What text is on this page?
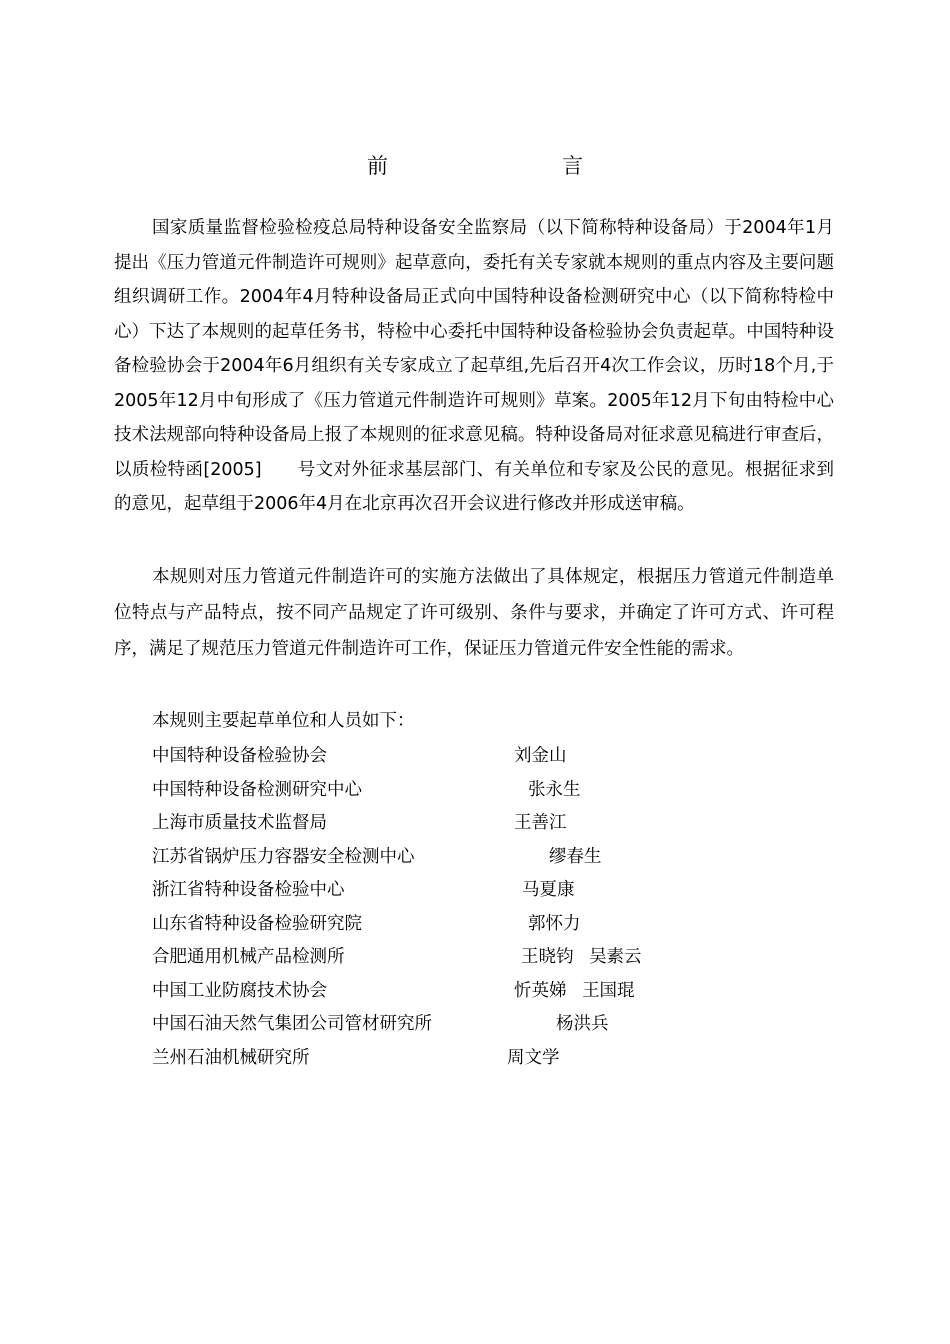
前　　言

国家质量监督检验检疫总局特种设备安全监察局（以下简称特种设备局）于2004年1月提出《压力管道元件制造许可规则》起草意向，委托有关专家就本规则的重点内容及主要问题组织调研工作。2004年4月特种设备局正式向中国特种设备检测研究中心（以下简称特检中心）下达了本规则的起草任务书，特检中心委托中国特种设备检验协会负责起草。中国特种设备检验协会于2004年6月组织有关专家成立了起草组,先后召开4次工作会议，历时18个月,于2005年12月中旬形成了《压力管道元件制造许可规则》草案。2005年12月下旬由特检中心技术法规部向特种设备局上报了本规则的征求意见稿。特种设备局对征求意见稿进行审查后，以质检特函[2005]　　号文对外征求基层部门、有关单位和专家及公民的意见。根据征求到的意见，起草组于2006年4月在北京再次召开会议进行修改并形成送审稿。

本规则对压力管道元件制造许可的实施方法做出了具体规定，根据压力管道元件制造单位特点与产品特点，按不同产品规定了许可级别、条件与要求，并确定了许可方式、许可程序，满足了规范压力管道元件制造许可工作，保证压力管道元件安全性能的需求。

本规则主要起草单位和人员如下：

中国特种设备检验协会	刘金山
中国特种设备检测研究中心	张永生
上海市质量技术监督局	王善江
江苏省锅炉压力容器安全检测中心	缪春生
浙江省特种设备检验中心	马夏康
山东省特种设备检验研究院	郭怀力
合肥通用机械产品检测所	王晓钧 吴素云
中国工业防腐技术协会	忻英娣 王国琨
中国石油天然气集团公司管材研究所	杨洪兵
兰州石油机械研究所	周文学
